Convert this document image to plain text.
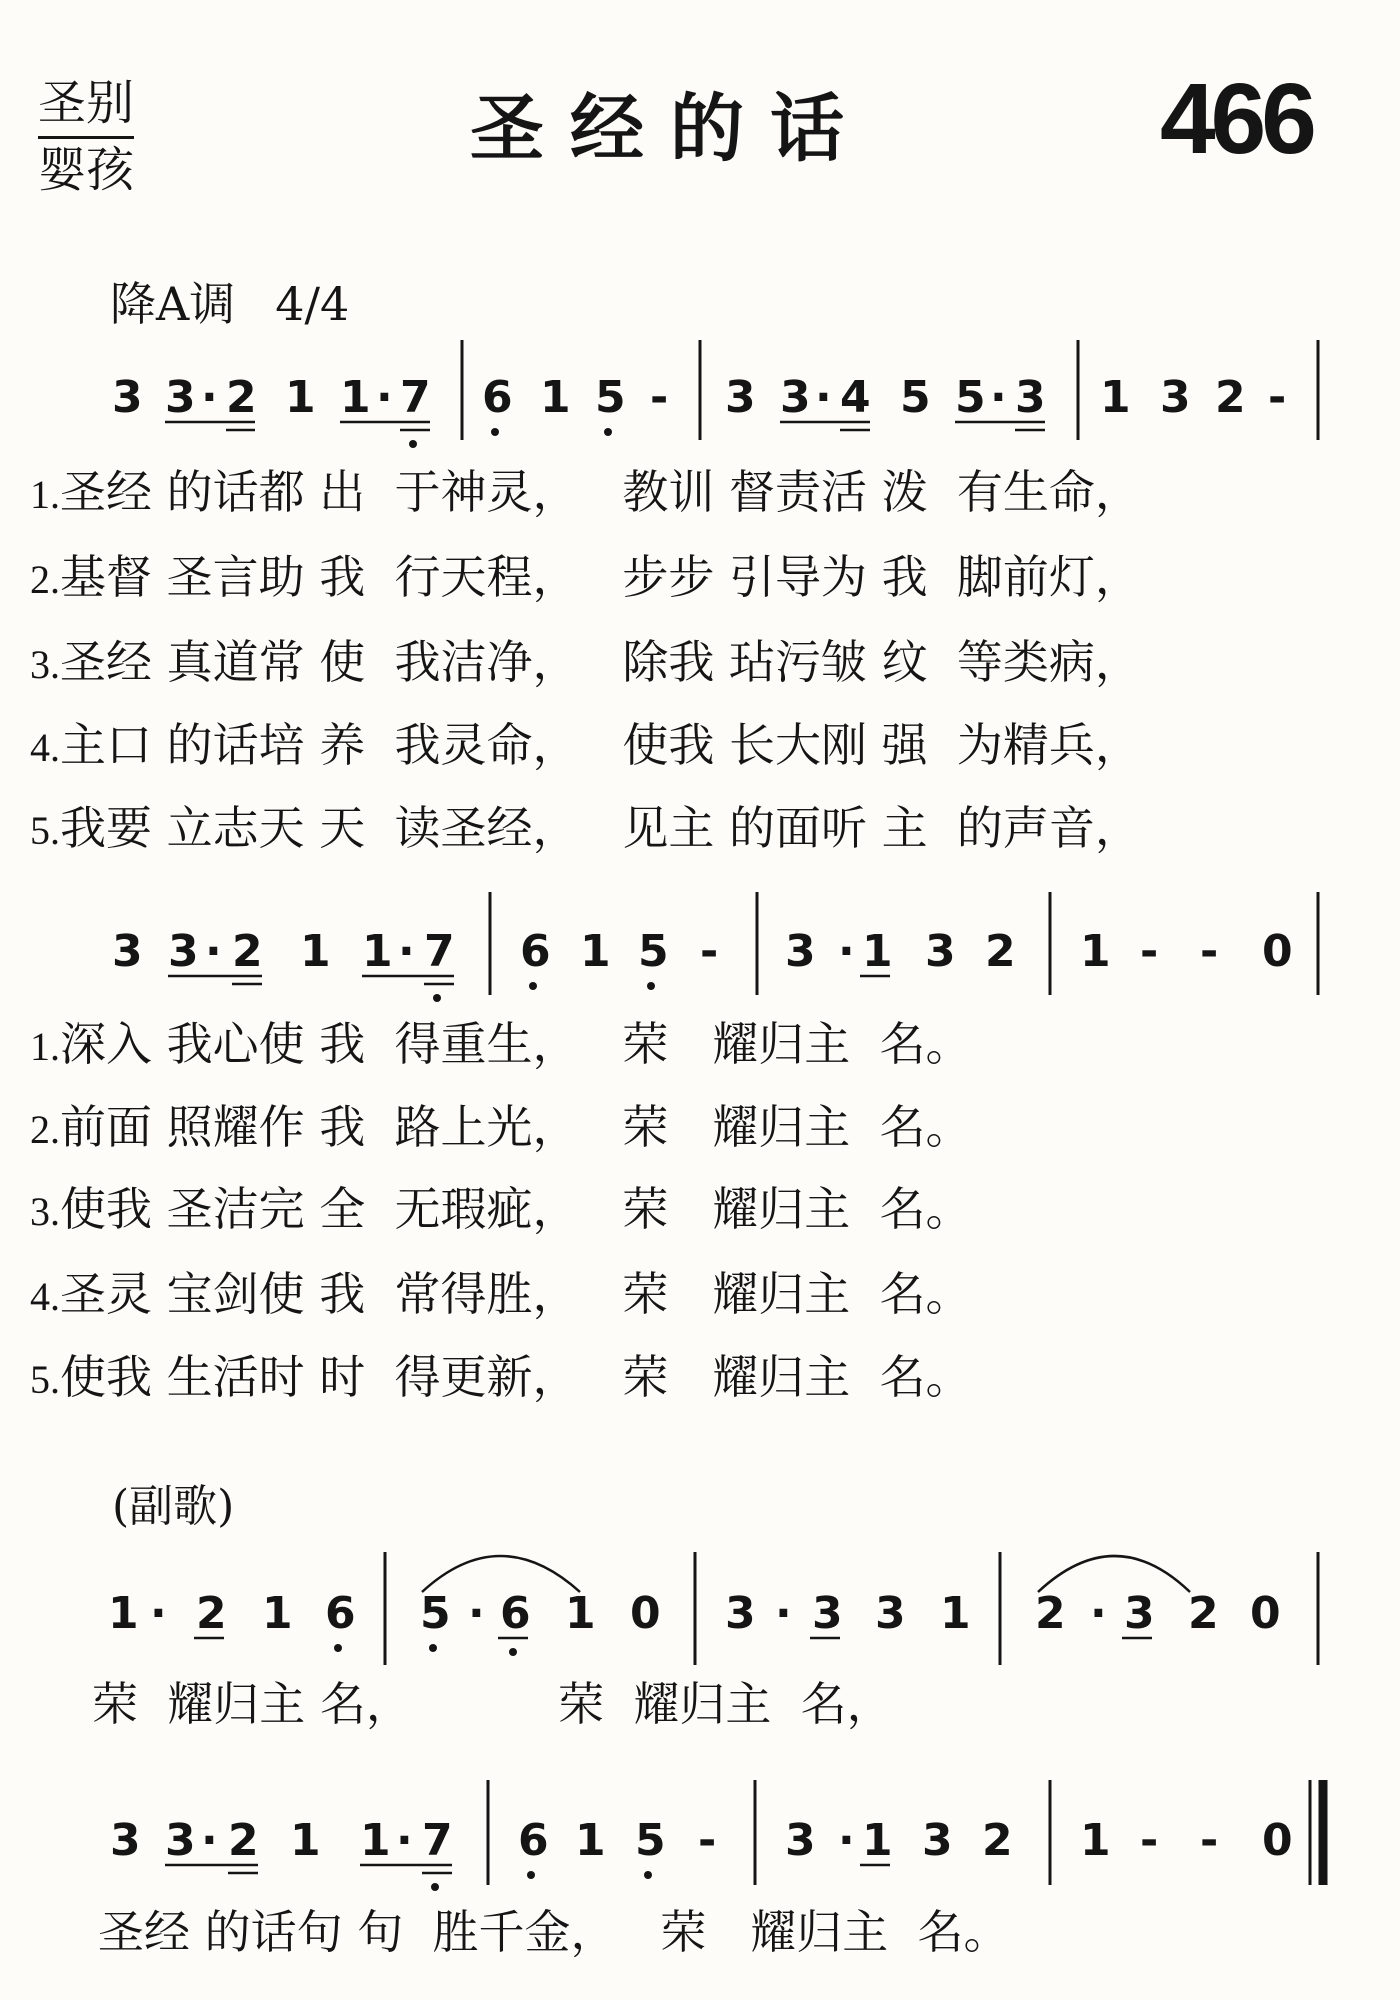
圣别
婴孩	圣经的话	466
降A调 4/4
(副歌)
3 3 · 2 1 1 · 7 6 1 5 - 3 3 · 4 5 5 · 3 1 3 2 -
3 3 · 2 1 1 · 7 6 1 5 - 3 · 1 3 2 1 - - 0
1 · 2 1 6 5 · 6 1 0 3 · 3 3 1 2 · 3 2 0
3 3 · 2 1 1 · 7 6 1 5 - 3 · 1 3 2 1 - - 0
1.圣经 的话都 出  于神灵，   教训 督责活 泼  有生命，
2.基督 圣言助 我  行天程，   步步 引导为 我  脚前灯，
3.圣经 真道常 使  我洁净，   除我 玷污皱 纹  等类病，
4.主口 的话培 养  我灵命，   使我 长大刚 强  为精兵，
5.我要 立志天 天  读圣经，   见主 的面听 主  的声音，
1.深入 我心使 我  得重生，   荣   耀归主  名。
2.前面 照耀作 我  路上光，   荣   耀归主  名。
3.使我 圣洁完 全  无瑕疵，   荣   耀归主  名。
4.圣灵 宝剑使 我  常得胜，   荣   耀归主  名。
5.使我 生活时 时  得更新，   荣   耀归主  名。
荣  耀归主 名，          荣  耀归主  名，
圣经 的话句 句  胜千金，   荣   耀归主  名。
